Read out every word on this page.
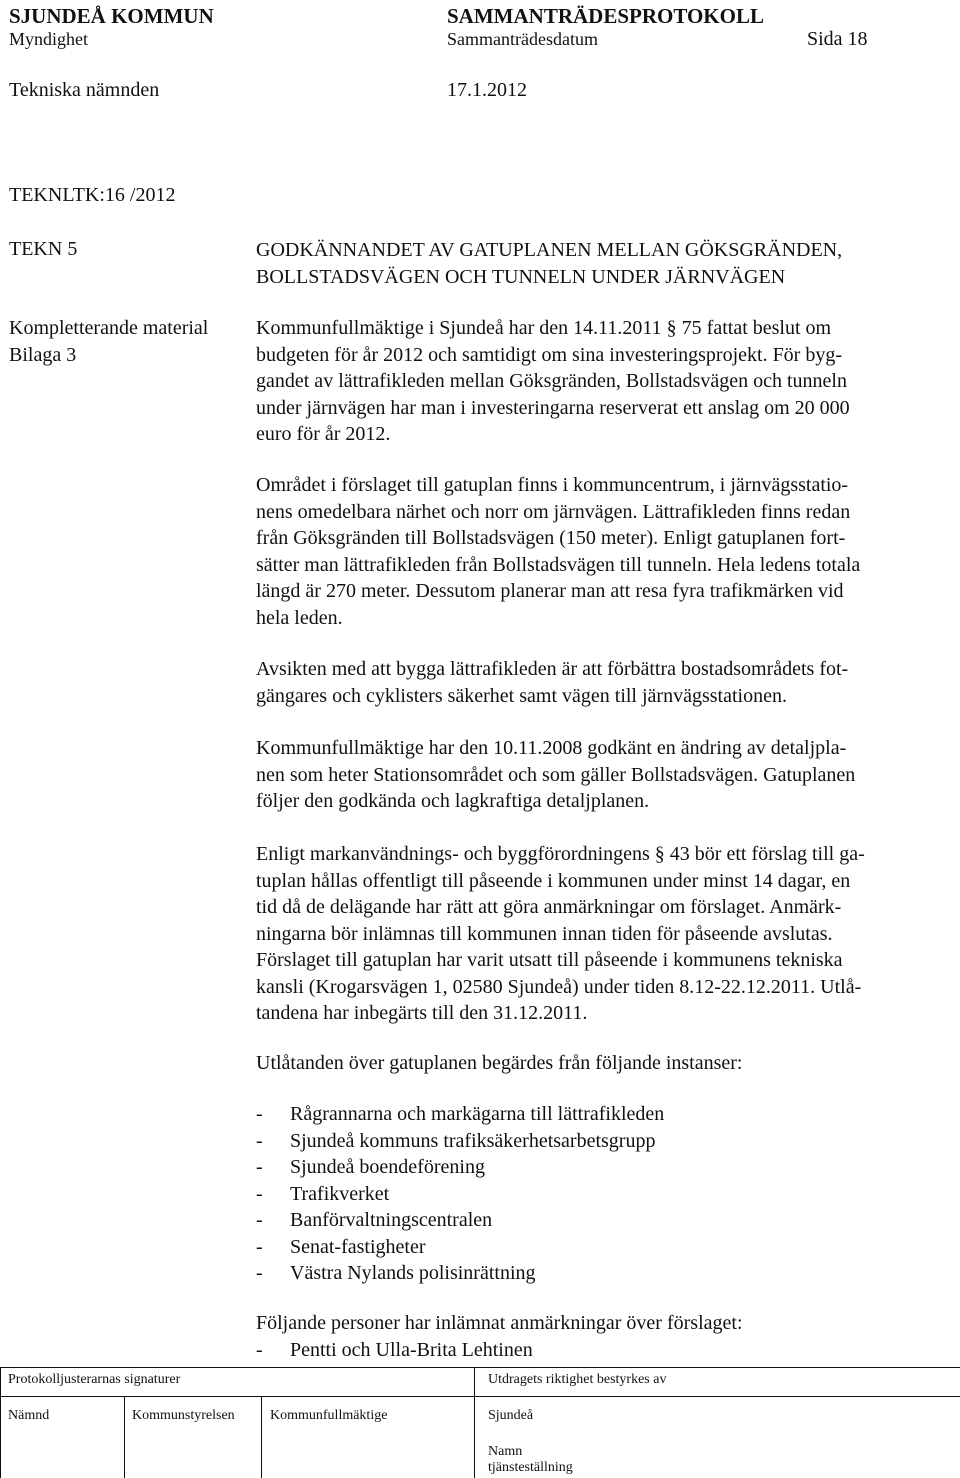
SJUNDEÅ KOMMUN	SAMMANTRÄDESPROTOKOLL
Myndighet	Sammanträdesdatum	Sida 18
Tekniska nämnden	17.1.2012
TEKNLTK:16 /2012
TEKN 5	GODKÄNNANDET AV GATUPLANEN MELLAN GÖKSGRÄNDEN,
BOLLSTADSVÄGEN OCH TUNNELN UNDER JÄRNVÄGEN
Kompletterande material
Bilaga 3
Kommunfullmäktige i Sjundeå har den 14.11.2011 § 75 fattat beslut om
budgeten för år 2012 och samtidigt om sina investeringsprojekt. För byg-
gandet av lättrafikleden mellan Göksgränden, Bollstadsvägen och tunneln
under järnvägen har man i investeringarna reserverat ett anslag om 20 000
euro för år 2012.
Området i förslaget till gatuplan finns i kommuncentrum, i järnvägsstatio-
nens omedelbara närhet och norr om järnvägen. Lättrafikleden finns redan
från Göksgränden till Bollstadsvägen (150 meter). Enligt gatuplanen fort-
sätter man lättrafikleden från Bollstadsvägen till tunneln. Hela ledens totala
längd är 270 meter. Dessutom planerar man att resa fyra trafikmärken vid
hela leden.
Avsikten med att bygga lättrafikleden är att förbättra bostadsområdets fot-
gängares och cyklisters säkerhet samt vägen till järnvägsstationen.
Kommunfullmäktige har den 10.11.2008 godkänt en ändring av detaljpla-
nen som heter Stationsområdet och som gäller Bollstadsvägen. Gatuplanen
följer den godkända och lagkraftiga detaljplanen.
Enligt markanvändnings- och byggförordningens § 43 bör ett förslag till ga-
tuplan hållas offentligt till påseende i kommunen under minst 14 dagar, en
tid då de delägande har rätt att göra anmärkningar om förslaget. Anmärk-
ningarna bör inlämnas till kommunen innan tiden för påseende avslutas.
Förslaget till gatuplan har varit utsatt till påseende i kommunens tekniska
kansli (Krogarsvägen 1, 02580 Sjundeå) under tiden 8.12-22.12.2011. Utlå-
tandena har inbegärts till den 31.12.2011.
Utlåtanden över gatuplanen begärdes från följande instanser:
- Rågrannarna och markägarna till lättrafikleden
- Sjundeå kommuns trafiksäkerhetsarbetsgrupp
- Sjundeå boendeförening
- Trafikverket
- Banförvaltningscentralen
- Senat-fastigheter
- Västra Nylands polisinrättning
Följande personer har inlämnat anmärkningar över förslaget:
- Pentti och Ulla-Brita Lehtinen
Protokolljusterarnas signaturer	Utdragets riktighet bestyrkes av
Nämnd	Kommunstyrelsen	Kommunfullmäktige	Sjundeå
Namn
tjänsteställning
